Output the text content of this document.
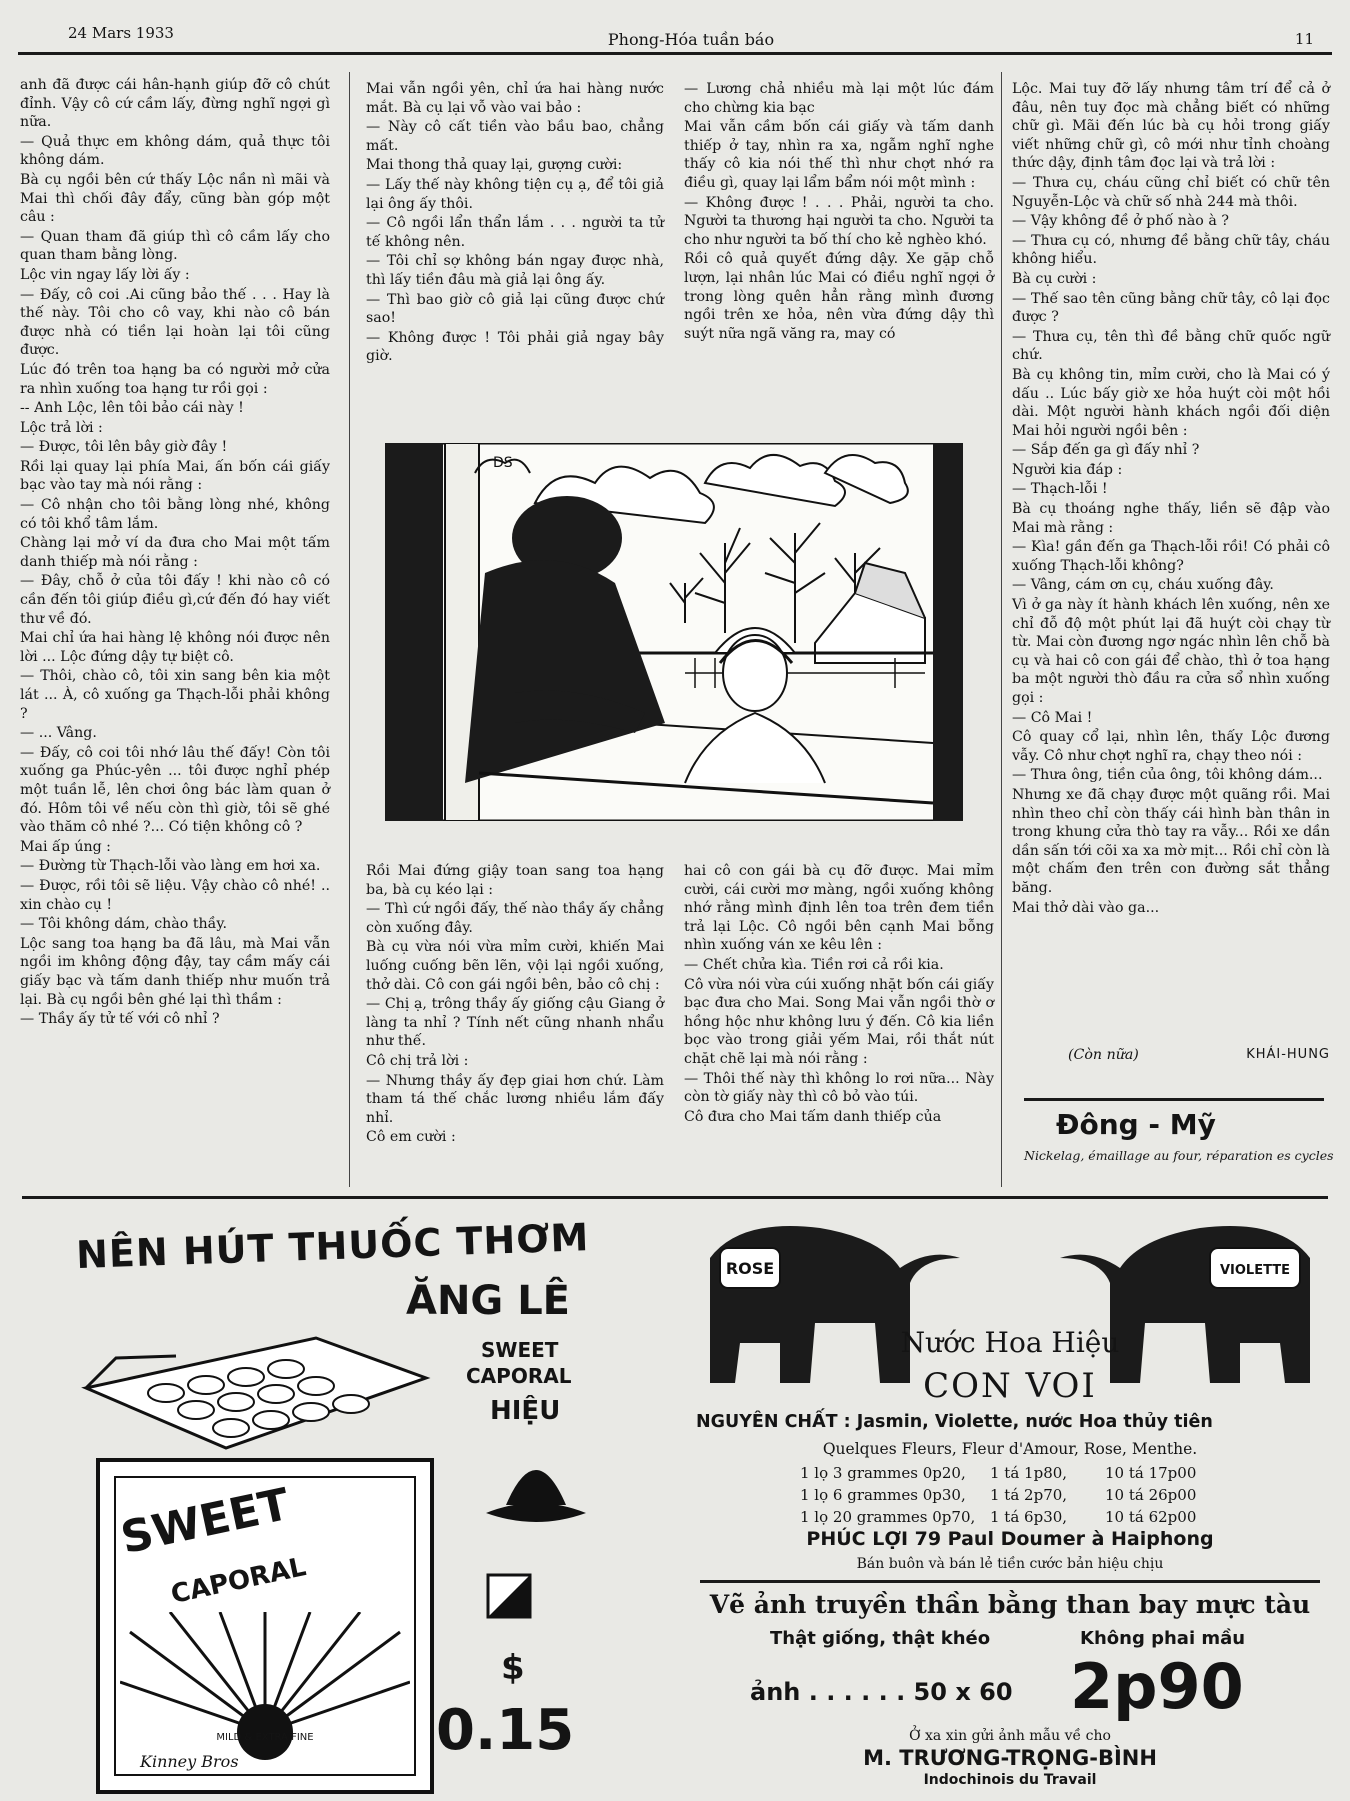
24 Mars 1933	Phong-Hóa tuần báo	11

anh đã được cái hân-hạnh giúp đỡ cô chút đỉnh. Vậy cô cứ cầm lấy, đừng nghĩ ngợi gì nữa.

— Quả thực em không dám, quả thực tôi không dám.

Bà cụ ngồi bên cứ thấy Lộc nần nì mãi và Mai thì chối đây đẩy, cũng bàn góp một câu :

— Quan tham đã giúp thì cô cầm lấy cho quan tham bằng lòng.

Lộc vin ngay lấy lời ấy :

— Đấy, cô coi .Ai cũng bảo thế . . . Hay là thế này. Tôi cho cô vay, khi nào cô bán được nhà có tiền lại hoàn lại tôi cũng được.

Lúc đó trên toa hạng ba có người mở cửa ra nhìn xuống toa hạng tư rồi gọi :

-- Anh Lộc, lên tôi bảo cái này !

Lộc trả lời :

— Được, tôi lên bây giờ đây !

Rồi lại quay lại phía Mai, ấn bốn cái giấy bạc vào tay mà nói rằng :

— Cô nhận cho tôi bằng lòng nhé, không có tôi khổ tâm lắm.

Chàng lại mở ví da đưa cho Mai một tấm danh thiếp mà nói rằng :

— Đây, chỗ ở của tôi đấy ! khi nào cô có cần đến tôi giúp điều gì,cứ đến đó hay viết thư về đó.

Mai chỉ ứa hai hàng lệ không nói được nên lời ... Lộc đứng dậy tự biệt cô.

— Thôi, chào cô, tôi xin sang bên kia một lát ... À, cô xuống ga Thạch-lỗi phải không ?

— ... Vâng.

— Đấy, cô coi tôi nhớ lâu thế đấy! Còn tôi xuống ga Phúc-yên ... tôi được nghỉ phép một tuần lễ, lên chơi ông bác làm quan ở đó. Hôm tôi về nếu còn thì giờ, tôi sẽ ghé vào thăm cô nhé ?... Có tiện không cô ?

Mai ấp úng :

— Đường từ Thạch-lỗi vào làng em hơi xa.

— Được, rồi tôi sẽ liệu. Vậy chào cô nhé! .. xin chào cụ !

— Tôi không dám, chào thầy.

Lộc sang toa hạng ba đã lâu, mà Mai vẫn ngồi im không động đậy, tay cầm mấy cái giấy bạc và tấm danh thiếp như muốn trả lại. Bà cụ ngồi bên ghé lại thì thầm :

— Thầy ấy tử tế với cô nhỉ ?

Mai vẫn ngồi yên, chỉ ứa hai hàng nước mắt. Bà cụ lại vỗ vào vai bảo :

— Này cô cất tiền vào bầu bao, chẳng mất.

Mai thong thả quay lại, gượng cười:

— Lấy thế này không tiện cụ ạ, để tôi giả lại ông ấy thôi.

— Cô ngồi lẩn thẩn lắm . . . người ta tử tế không nên.

— Tôi chỉ sợ không bán ngay được nhà, thì lấy tiền đâu mà giả lại ông ấy.

— Thì bao giờ cô giả lại cũng được chứ sao!

— Không được ! Tôi phải giả ngay bây giờ.

— Lương chả nhiều mà lại một lúc đám cho chừng kia bạc

Mai vẫn cầm bốn cái giấy và tấm danh thiếp ở tay, nhìn ra xa, ngẫm nghĩ nghe thấy cô kia nói thế thì như chợt nhớ ra điều gì, quay lại lẩm bẩm nói một mình :

— Không được ! . . . Phải, người ta cho. Người ta thương hại người ta cho. Người ta cho như người ta bố thí cho kẻ nghèo khó.

Rồi cô quả quyết đứng dậy. Xe gặp chỗ lượn, lại nhân lúc Mai có điều nghĩ ngợi ở trong lòng quên hẳn rằng mình đương ngồi trên xe hỏa, nên vừa đứng dậy thì suýt nữa ngã văng ra, may có

Lộc. Mai tuy đỡ lấy nhưng tâm trí để cả ở đâu, nên tuy đọc mà chẳng biết có những chữ gì. Mãi đến lúc bà cụ hỏi trong giấy viết những chữ gì, cô mới như tỉnh choàng thức dậy, định tâm đọc lại và trả lời :

— Thưa cụ, cháu cũng chỉ biết có chữ tên Nguyễn-Lộc và chữ số nhà 244 mà thôi.

— Vậy không đề ở phố nào à ?

— Thưa cụ có, nhưng đề bằng chữ tây, cháu không hiểu.

Bà cụ cười :

— Thế sao tên cũng bằng chữ tây, cô lại đọc được ?

— Thưa cụ, tên thì đề bằng chữ quốc ngữ chứ.

Bà cụ không tin, mỉm cười, cho là Mai có ý dấu .. Lúc bấy giờ xe hỏa huýt còi một hồi dài. Một người hành khách ngồi đối diện Mai hỏi người ngồi bên :

— Sắp đến ga gì đấy nhỉ ?

Người kia đáp :

— Thạch-lỗi !

Bà cụ thoáng nghe thấy, liền sẽ đập vào Mai mà rằng :

— Kìa! gần đến ga Thạch-lỗi rồi! Có phải cô xuống Thạch-lỗi không?

— Vâng, cám ơn cụ, cháu xuống đây.

Vì ở ga này ít hành khách lên xuống, nên xe chỉ đỗ độ một phút lại đã huýt còi chạy từ từ. Mai còn đương ngơ ngác nhìn lên chỗ bà cụ và hai cô con gái để chào, thì ở toa hạng ba một người thò đầu ra cửa sổ nhìn xuống gọi :

— Cô Mai !

Cô quay cổ lại, nhìn lên, thấy Lộc đương vẫy. Cô như chợt nghĩ ra, chạy theo nói :

— Thưa ông, tiền của ông, tôi không dám...

Nhưng xe đã chạy được một quãng rồi. Mai nhìn theo chỉ còn thấy cái hình bàn thân in trong khung cửa thò tay ra vẫy... Rồi xe dần dần sấn tới cõi xa xa mờ mịt... Rồi chỉ còn là một chấm đen trên con đường sắt thẳng băng.

Mai thở dài vào ga...

(Còn nữa)	KHÁI-HUNG
Đông - Mỹ
Nickelag, émaillage au four, réparation es cycles
DS

Rồi Mai đứng giậy toan sang toa hạng ba, bà cụ kéo lại :

— Thì cứ ngồi đấy, thế nào thầy ấy chẳng còn xuống đây.

Bà cụ vừa nói vừa mỉm cười, khiến Mai luống cuống bẽn lẽn, vội lại ngồi xuống, thở dài. Cô con gái ngồi bên, bảo cô chị :

— Chị ạ, trông thầy ấy giống cậu Giang ở làng ta nhỉ ? Tính nết cũng nhanh nhẩu như thế.

Cô chị trả lời :

— Nhưng thầy ấy đẹp giai hơn chứ. Làm tham tá thế chắc lương nhiều lắm đấy nhỉ.

Cô em cười :

hai cô con gái bà cụ đỡ được. Mai mỉm cười, cái cười mơ màng, ngồi xuống không nhớ rằng mình định lên toa trên đem tiền trả lại Lộc. Cô ngồi bên cạnh Mai bỗng nhìn xuống ván xe kêu lên :

— Chết chửa kìa. Tiền rơi cả rồi kia.

Cô vừa nói vừa cúi xuống nhặt bốn cái giấy bạc đưa cho Mai. Song Mai vẫn ngồi thờ ơ hồng hộc như không lưu ý đến. Cô kia liền bọc vào trong giải yếm Mai, rồi thắt nút chặt chẽ lại mà nói rằng :

— Thôi thế này thì không lo rơi nữa... Này còn tờ giấy này thì cô bỏ vào túi.

Cô đưa cho Mai tấm danh thiếp của

NÊN HÚT THUỐC THƠM
ĂNG LÊ
SWEET
CAPORAL
HIỆU
SWEET
CAPORAL
MILD & EXTRA FINE
Kinney Bros
$
0.15
ROSE	VIOLETTE
Nước Hoa Hiệu
CON VOI
NGUYÊN CHẤT : Jasmin, Violette, nước Hoa thủy tiên
Quelques Fleurs, Fleur d'Amour, Rose, Menthe.
1 lọ 3 grammes 0p20,	1 tá 1p80,	10 tá 17p00
1 lọ 6 grammes 0p30,	1 tá 2p70,	10 tá 26p00
1 lọ 20 grammes 0p70, 1 tá 6p30,	10 tá 62p00
PHÚC LỢI 79 Paul Doumer à Haiphong
Bán buôn và bán lẻ tiền cước bản hiệu chịu
Vẽ ảnh truyền thần bằng than bay mực tàu
Thật giống, thật khéo	Không phai mầu
ảnh . . . . . . 50 x 60 2p90
Ở xa xin gửi ảnh mẫu về cho
M. TRƯƠNG-TRỌNG-BÌNH
Indochinois du Travail
